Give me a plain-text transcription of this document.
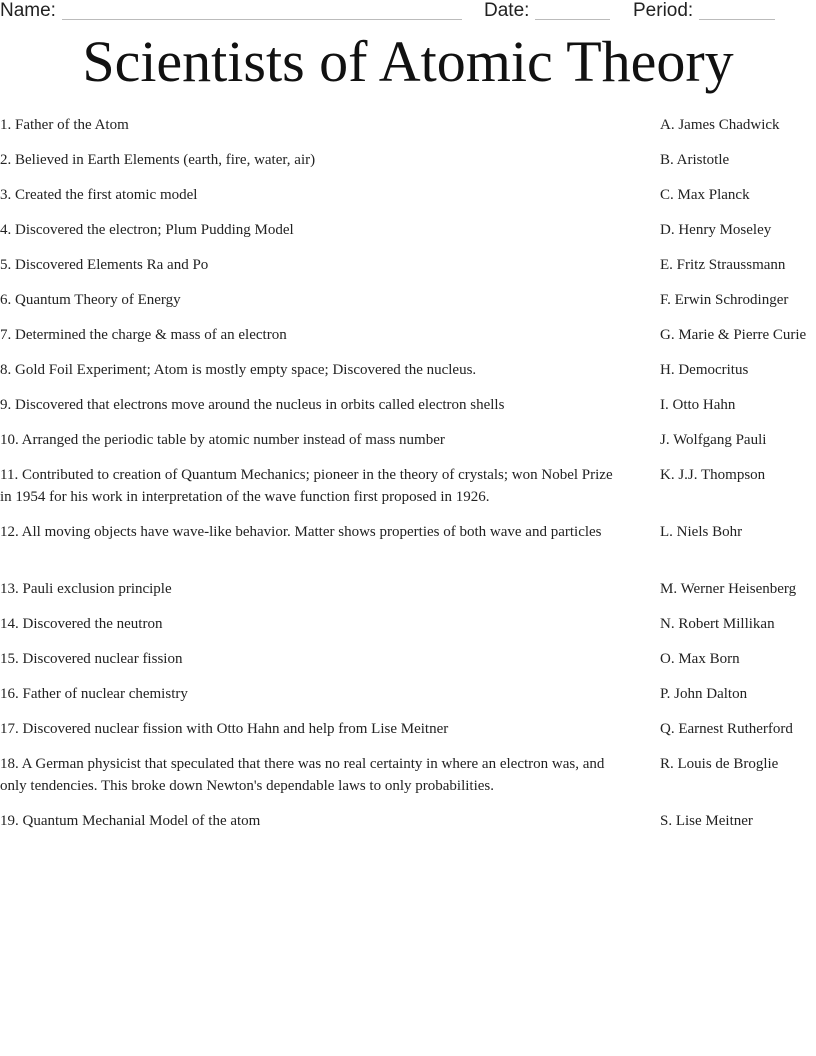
Name:	Date:	Period:
Scientists of Atomic Theory
1. Father of the Atom
2. Believed in Earth Elements (earth, fire, water, air)
3. Created the first atomic model
4. Discovered the electron; Plum Pudding Model
5. Discovered Elements Ra and Po
6. Quantum Theory of Energy
7. Determined the charge & mass of an electron
8. Gold Foil Experiment; Atom is mostly empty space; Discovered the nucleus.
9. Discovered that electrons move around the nucleus in orbits called electron shells
10. Arranged the periodic table by atomic number instead of mass number
11. Contributed to creation of Quantum Mechanics; pioneer in the theory of crystals; won Nobel Prize in 1954 for his work in interpretation of the wave function first proposed in 1926.
12. All moving objects have wave-like behavior. Matter shows properties of both wave and particles
13. Pauli exclusion principle
14. Discovered the neutron
15. Discovered nuclear fission
16. Father of nuclear chemistry
17. Discovered nuclear fission with Otto Hahn and help from Lise Meitner
18. A German physicist that speculated that there was no real certainty in where an electron was, and only tendencies. This broke down Newton's dependable laws to only probabilities.
19. Quantum Mechanial Model of the atom
A. James Chadwick
B. Aristotle
C. Max Planck
D. Henry Moseley
E. Fritz Straussmann
F. Erwin Schrodinger
G. Marie & Pierre Curie
H. Democritus
I. Otto Hahn
J. Wolfgang Pauli
K. J.J. Thompson
L. Niels Bohr
M. Werner Heisenberg
N. Robert Millikan
O. Max Born
P. John Dalton
Q. Earnest Rutherford
R. Louis de Broglie
S. Lise Meitner
